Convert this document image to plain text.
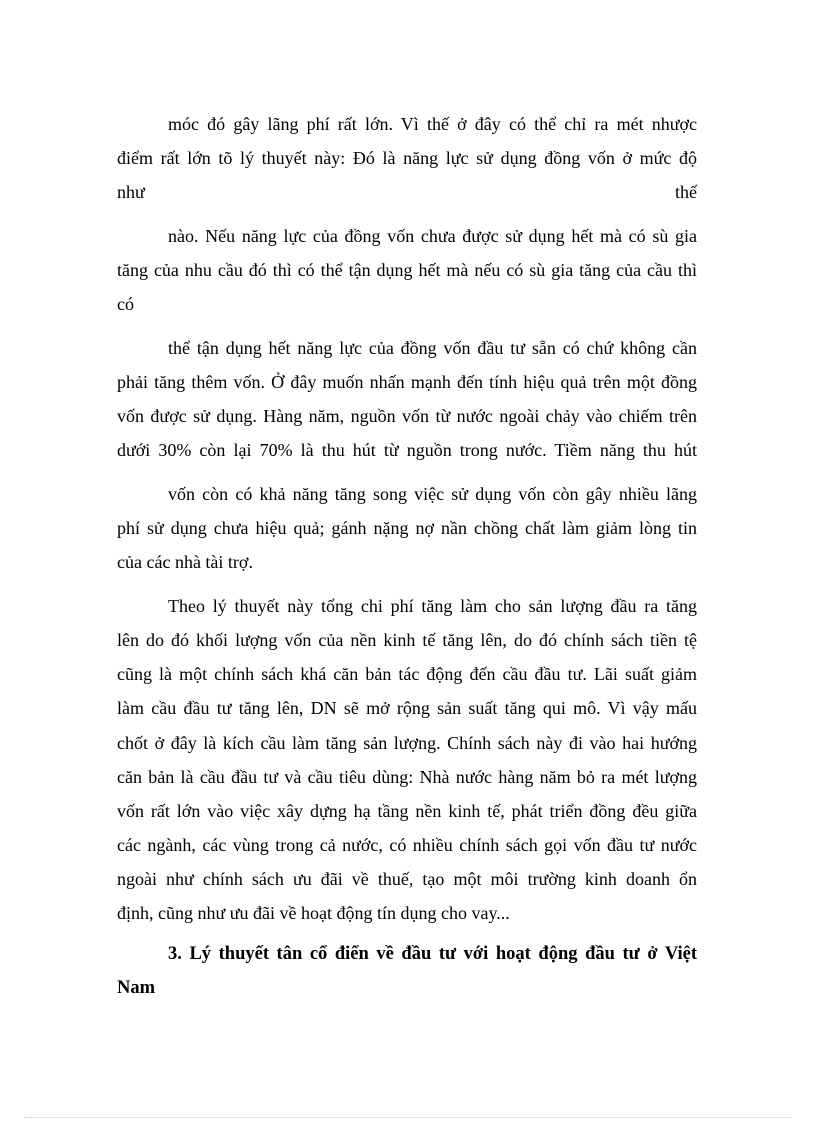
móc đó gây lãng phí rất lớn. Vì thế ở đây có thể chỉ ra mét nhược
điểm rất lớn tõ lý thuyết này: Đó là năng lực sử dụng đồng vốn ở mức độ
như thế
nào. Nếu năng lực của đồng vốn chưa được sử dụng hết mà có sù gia
tăng của nhu cầu đó thì có thể tận dụng hết mà nếu có sù gia tăng của cầu thì
có
thể tận dụng hết năng lực của đồng vốn đầu tư sẵn có chứ không cần
phải tăng thêm vốn. Ở đây muốn nhấn mạnh đến tính hiệu quả trên một đồng
vốn được sử dụng. Hàng năm, nguồn vốn từ nước ngoài chảy vào chiếm trên
dưới 30% còn lại 70% là thu hút từ nguồn trong nước. Tiềm năng thu hút
vốn còn có khả năng tăng song việc sử dụng vốn còn gây nhiều lãng
phí sử dụng chưa hiệu quả; gánh nặng nợ nần chồng chất làm giảm lòng tin
của các nhà tài trợ.
Theo lý thuyết này tổng chi phí tăng làm cho sản lượng đầu ra tăng
lên do đó khối lượng vốn của nền kinh tế tăng lên, do đó chính sách tiền tệ
cũng là một chính sách khá căn bản tác động đến cầu đầu tư. Lãi suất giảm
làm cầu đầu tư tăng lên, DN sẽ mở rộng sản suất tăng qui mô. Vì vậy mấu
chốt ở đây là kích cầu làm tăng sản lượng. Chính sách này đi vào hai hướng
căn bản là cầu đầu tư và cầu tiêu dùng: Nhà nước hàng năm bỏ ra mét lượng
vốn rất lớn vào việc xây dựng hạ tầng nền kinh tế, phát triển đồng đều giữa
các ngành, các vùng trong cả nước, có nhiều chính sách gọi vốn đầu tư nước
ngoài như chính sách ưu đãi về thuế, tạo một môi trường kinh doanh ổn
định, cũng như ưu đãi về hoạt động tín dụng cho vay...
3. Lý thuyết tân cổ điển về đầu tư với hoạt động đầu tư ở Việt
Nam
